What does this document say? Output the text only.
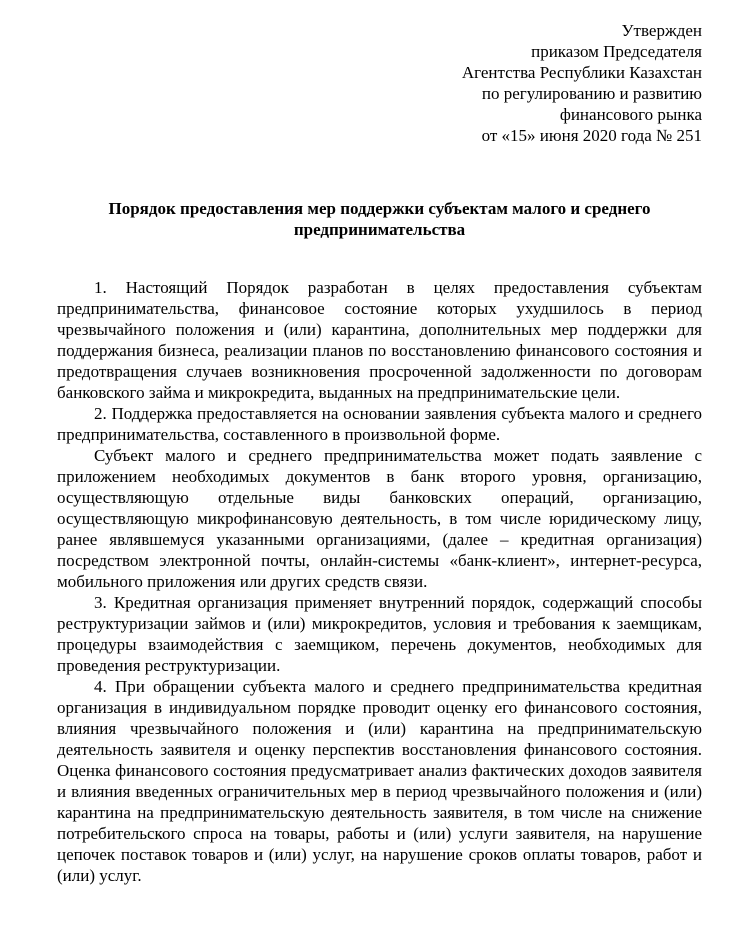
Утвержден
приказом Председателя
Агентства Республики Казахстан
по регулированию и развитию
финансового рынка
от «15» июня 2020 года № 251
Порядок предоставления мер поддержки субъектам малого и среднего предпринимательства

1. Настоящий Порядок разработан в целях предоставления субъектам предпринимательства, финансовое состояние которых ухудшилось в период чрезвычайного положения и (или) карантина, дополнительных мер поддержки для поддержания бизнеса, реализации планов по восстановлению финансового состояния и предотвращения случаев возникновения просроченной задолженности по договорам банковского займа и микрокредита, выданных на предпринимательские цели.

2. Поддержка предоставляется на основании заявления субъекта малого и среднего предпринимательства, составленного в произвольной форме.

Субъект малого и среднего предпринимательства может подать заявление с приложением необходимых документов в банк второго уровня, организацию, осуществляющую отдельные виды банковских операций, организацию, осуществляющую микрофинансовую деятельность, в том числе юридическому лицу, ранее являвшемуся указанными организациями, (далее – кредитная организация) посредством электронной почты, онлайн-системы «банк-клиент», интернет-ресурса, мобильного приложения или других средств связи.

3. Кредитная организация применяет внутренний порядок, содержащий способы реструктуризации займов и (или) микрокредитов, условия и требования к заемщикам, процедуры взаимодействия с заемщиком, перечень документов, необходимых для проведения реструктуризации.

4. При обращении субъекта малого и среднего предпринимательства кредитная организация в индивидуальном порядке проводит оценку его финансового состояния, влияния чрезвычайного положения и (или) карантина на предпринимательскую деятельность заявителя и оценку перспектив восстановления финансового состояния. Оценка финансового состояния предусматривает анализ фактических доходов заявителя и влияния введенных ограничительных мер в период чрезвычайного положения и (или) карантина на предпринимательскую деятельность заявителя, в том числе на снижение потребительского спроса на товары, работы и (или) услуги заявителя, на нарушение цепочек поставок товаров и (или) услуг, на нарушение сроков оплаты товаров, работ и (или) услуг.
